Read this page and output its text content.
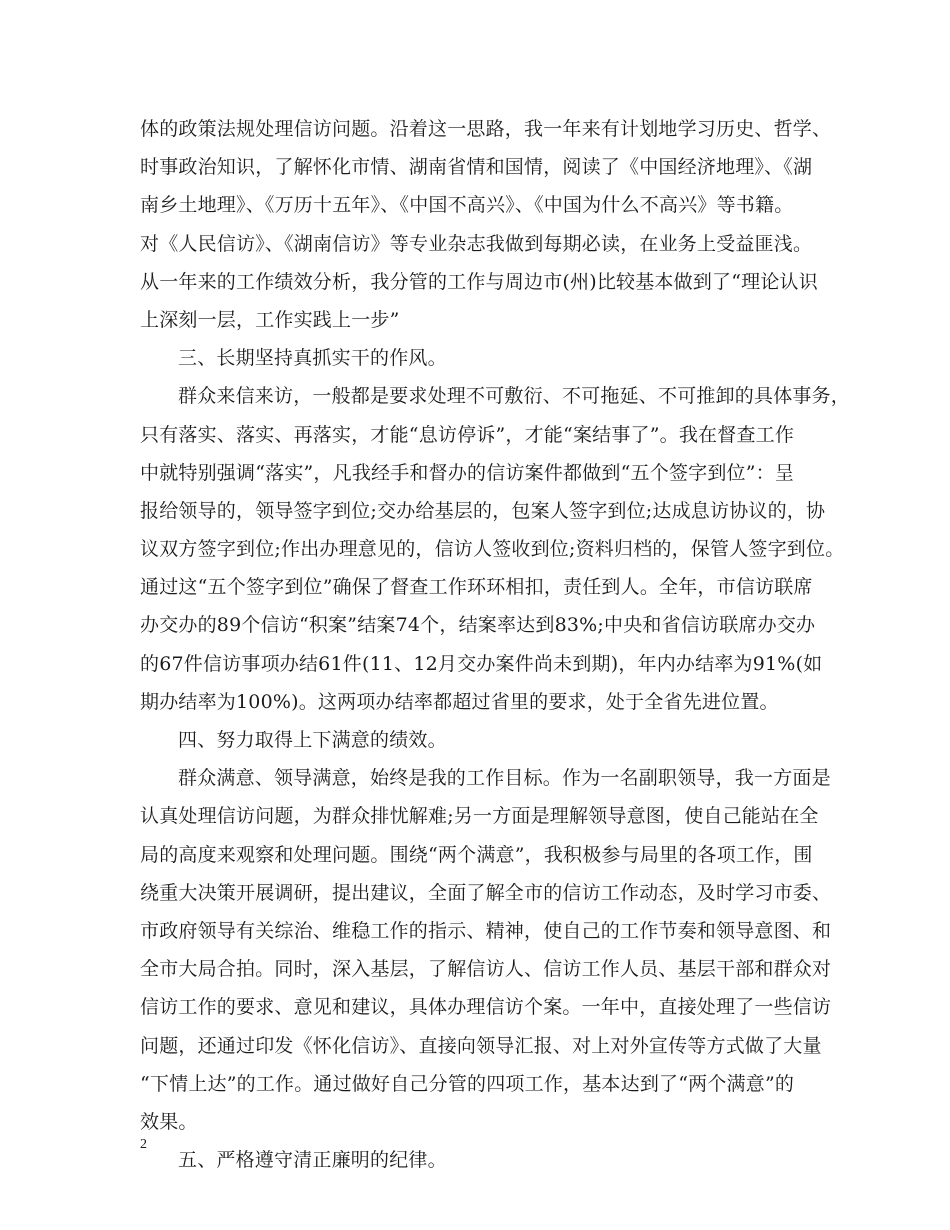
体的政策法规处理信访问题。沿着这一思路，我一年来有计划地学习历史、哲学、
时事政治知识，了解怀化市情、湖南省情和国情，阅读了《中国经济地理》、《湖
南乡土地理》、《万历十五年》、《中国不高兴》、《中国为什么不高兴》等书籍。
对《人民信访》、《湖南信访》等专业杂志我做到每期必读，在业务上受益匪浅。
从一年来的工作绩效分析，我分管的工作与周边市(州)比较基本做到了“理论认识
上深刻一层，工作实践上一步”
三、长期坚持真抓实干的作风。
群众来信来访，一般都是要求处理不可敷衍、不可拖延、不可推卸的具体事务，
只有落实、落实、再落实，才能“息访停诉”，才能“案结事了”。我在督查工作
中就特别强调“落实”，凡我经手和督办的信访案件都做到“五个签字到位”：呈
报给领导的，领导签字到位;交办给基层的，包案人签字到位;达成息访协议的，协
议双方签字到位;作出办理意见的，信访人签收到位;资料归档的，保管人签字到位。
通过这“五个签字到位”确保了督查工作环环相扣，责任到人。全年，市信访联席
办交办的89个信访“积案”结案74个，结案率达到83%;中央和省信访联席办交办
的67件信访事项办结61件(11、12月交办案件尚未到期)，年内办结率为91%(如
期办结率为100%)。这两项办结率都超过省里的要求，处于全省先进位置。
四、努力取得上下满意的绩效。
群众满意、领导满意，始终是我的工作目标。作为一名副职领导，我一方面是
认真处理信访问题，为群众排忧解难;另一方面是理解领导意图，使自己能站在全
局的高度来观察和处理问题。围绕“两个满意”，我积极参与局里的各项工作，围
绕重大决策开展调研，提出建议，全面了解全市的信访工作动态，及时学习市委、
市政府领导有关综治、维稳工作的指示、精神，使自己的工作节奏和领导意图、和
全市大局合拍。同时，深入基层，了解信访人、信访工作人员、基层干部和群众对
信访工作的要求、意见和建议，具体办理信访个案。一年中，直接处理了一些信访
问题，还通过印发《怀化信访》、直接向领导汇报、对上对外宣传等方式做了大量
“下情上达”的工作。通过做好自己分管的四项工作，基本达到了“两个满意”的
效果。
五、严格遵守清正廉明的纪律。
2
